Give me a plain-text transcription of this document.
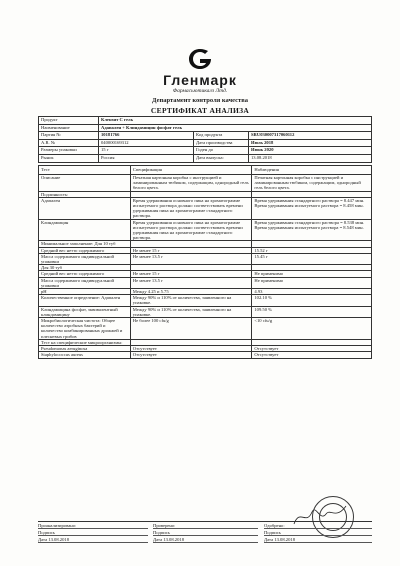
Гленмарк
Фармасьютикалз Лтд.
Департамент контроля качества
СЕРТИФИКАТ АНАЛИЗА
Продукт	Клензит С гель		
Наименование	Адапален + Клиндамицин фосфат гель		
Партия №	10181766	Код продукта	SRU030007317060112
A.R. №	040000169312	Дата производства	Июль 2018
Размеры упаковки	15 г	Годен до	Июнь 2020
Рынок	Россия	Дата выпуска:	13.08.2018
Тест	Спецификация	Наблюдения
Описание	Печатная картонная коробка с инструкцией и ламинированным тюбиком, содержащим, однородный гель белого цвета.	Печатная картонная коробка с инструкцией и ламинированным тюбиком, содержащим, однородный гель белого цвета.
Подлинность:		
Адапален	Время удерживания основного пика на хроматограмме испытуемого раствора должно соответствовать времени удерживания пика на хроматограмме стандартного раствора.	Время удерживания стандартного раствора = 8.447 мин. Время удерживания испытуемого раствора = 8.458 мин.
Клиндамицин	Время удерживания основного пика на хроматограмме испытуемого раствора должно соответствовать времени удерживания пика на хроматограмме стандартного раствора.	Время удерживания стандартного раствора = 8.538 мин. Время удерживания испытуемого раствора = 8.548 мин.
Минимальное заполнение: Для 10 туб		
Средний вес нетто содержимого	Не менее 15 г	15.52 г
Масса содержимого индивидуальной упаковки	Не менее 13.5 г	15.45 г
Для 30 туб		
Средний вес нетто содержимого	Не менее 15 г	Не применимо
Масса содержимого индивидуальной упаковки	Не менее 13.5 г	Не применимо
pH	Между 4.25 и 5.75	4.93
Количественное определение: Адапален	Между 90% и 110% от количества, заявленного на упаковке.	102.10 %
Клиндамицина фосфат, эквивалентный клиндамицину	Между 90% и 110% от количества, заявленного на упаковке.	109.50 %
Микробиологическая чистота: Общее количество аэробных бактерий и количество комбинированных дрожжей и плесневых грибов	Не более 100 cfu/g	<10 cfu/g
Тест на специфические микроорганизмы:		
Pseudomonas aeruginosa	Отсутствует	Отсутствует
Staphylococcus aureus	Отсутствует	Отсутствует
Проанализировано:
Подпись
Дата 13.08.2018
Проверено:
Подпись
Дата 13.08.2018
Одобрено:
Подпись
Дата 13.08.2018
